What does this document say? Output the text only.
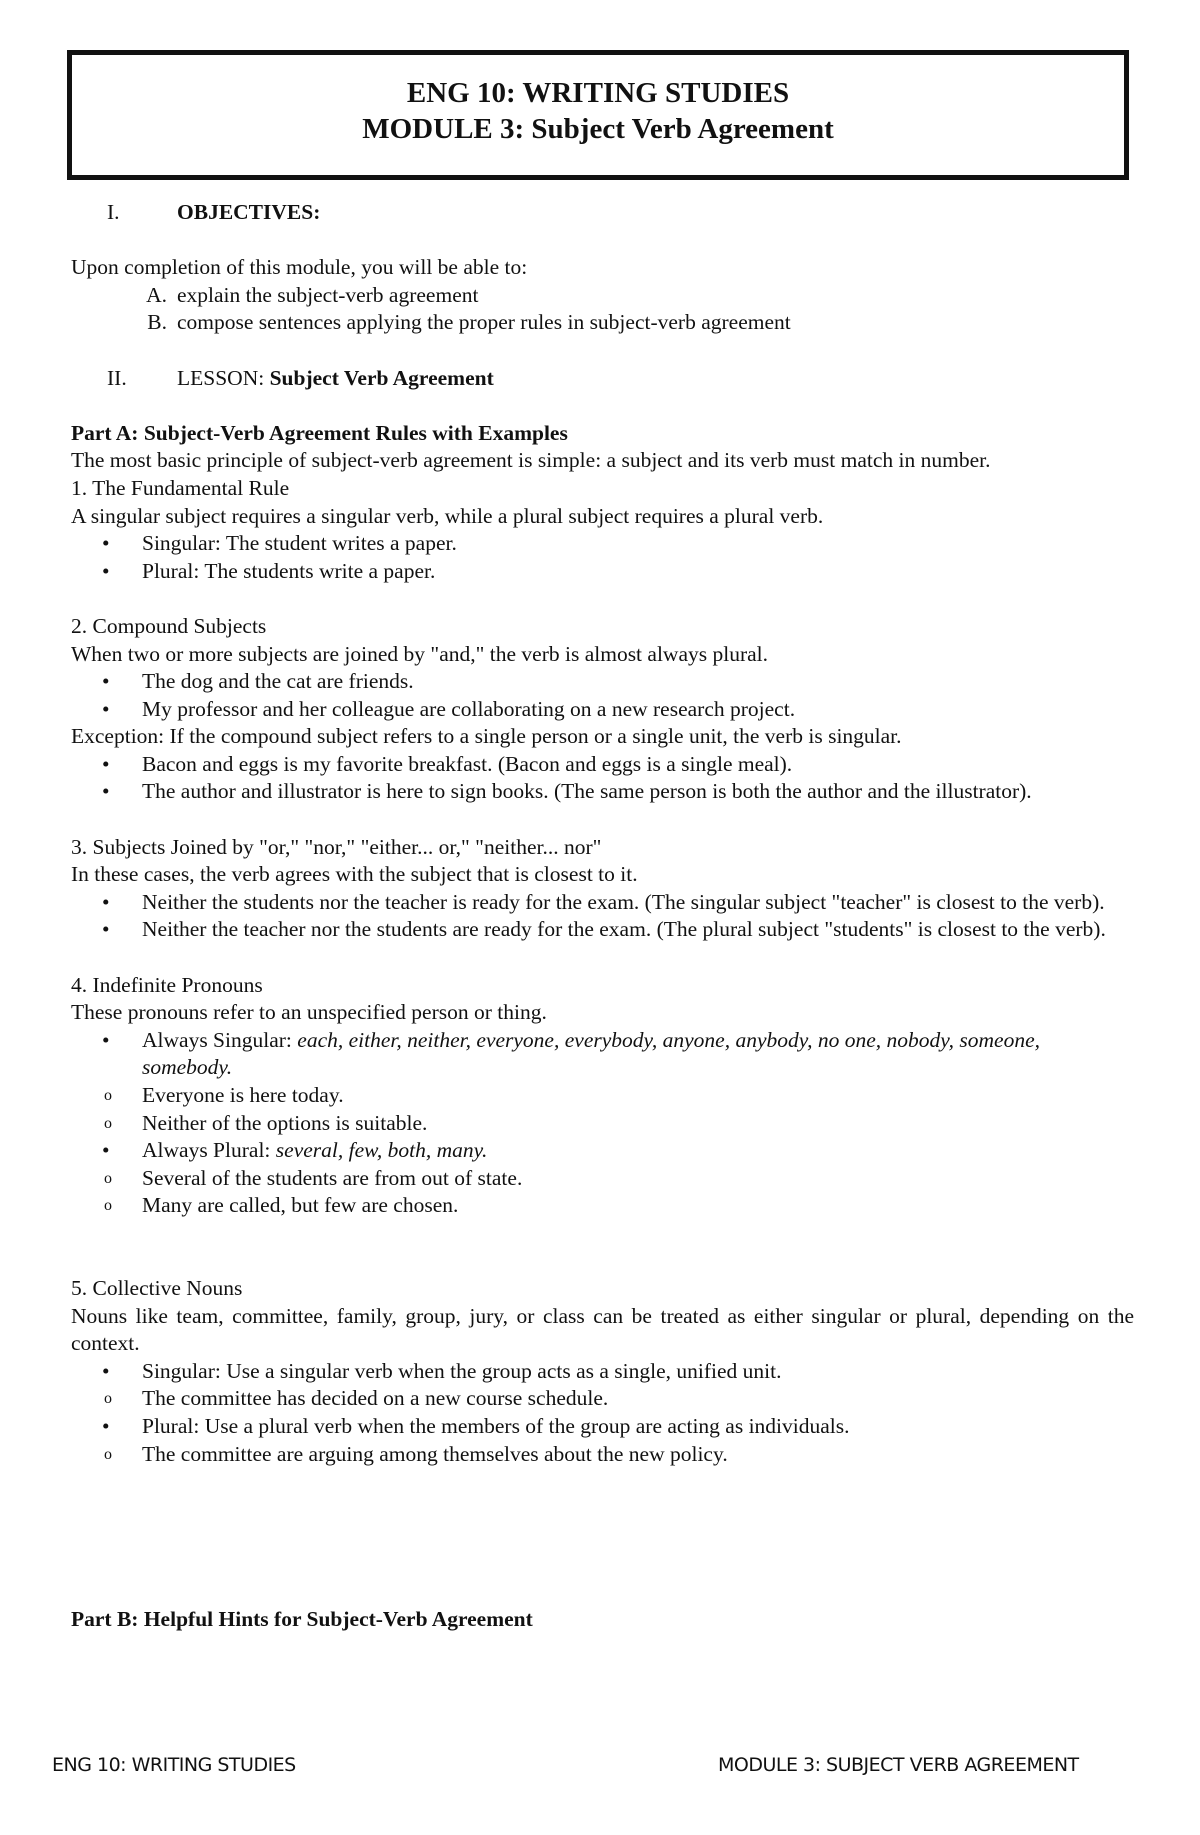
ENG 10: WRITING STUDIES
MODULE 3: Subject Verb Agreement
I.	OBJECTIVES:

Upon completion of this module, you will be able to:

A. explain the subject-verb agreement
B. compose sentences applying the proper rules in subject-verb agreement
II.	LESSON: Subject Verb Agreement

Part A: Subject-Verb Agreement Rules with Examples

The most basic principle of subject-verb agreement is simple: a subject and its verb must match in number.

1. The Fundamental Rule

A singular subject requires a singular verb, while a plural subject requires a plural verb.

•	Singular: The student writes a paper.
•	Plural: The students write a paper.

2. Compound Subjects

When two or more subjects are joined by "and," the verb is almost always plural.

•	The dog and the cat are friends.
•	My professor and her colleague are collaborating on a new research project.

Exception: If the compound subject refers to a single person or a single unit, the verb is singular.

•	Bacon and eggs is my favorite breakfast. (Bacon and eggs is a single meal).
•	The author and illustrator is here to sign books. (The same person is both the author and the illustrator).

3. Subjects Joined by "or," "nor," "either... or," "neither... nor"

In these cases, the verb agrees with the subject that is closest to it.

•	Neither the students nor the teacher is ready for the exam. (The singular subject "teacher" is closest to the verb).
•	Neither the teacher nor the students are ready for the exam. (The plural subject "students" is closest to the verb).

4. Indefinite Pronouns

These pronouns refer to an unspecified person or thing.

•	Always Singular: each, either, neither, everyone, everybody, anyone, anybody, no one, nobody, someone, somebody.
o	Everyone is here today.
o	Neither of the options is suitable.
•	Always Plural: several, few, both, many.
o	Several of the students are from out of state.
o	Many are called, but few are chosen.

5. Collective Nouns

Nouns like team, committee, family, group, jury, or class can be treated as either singular or plural, depending on the context.

•	Singular: Use a singular verb when the group acts as a single, unified unit.
o	The committee has decided on a new course schedule.
•	Plural: Use a plural verb when the members of the group are acting as individuals.
o	The committee are arguing among themselves about the new policy.

Part B: Helpful Hints for Subject-Verb Agreement

ENG 10: WRITING STUDIES	MODULE 3: SUBJECT VERB AGREEMENT
